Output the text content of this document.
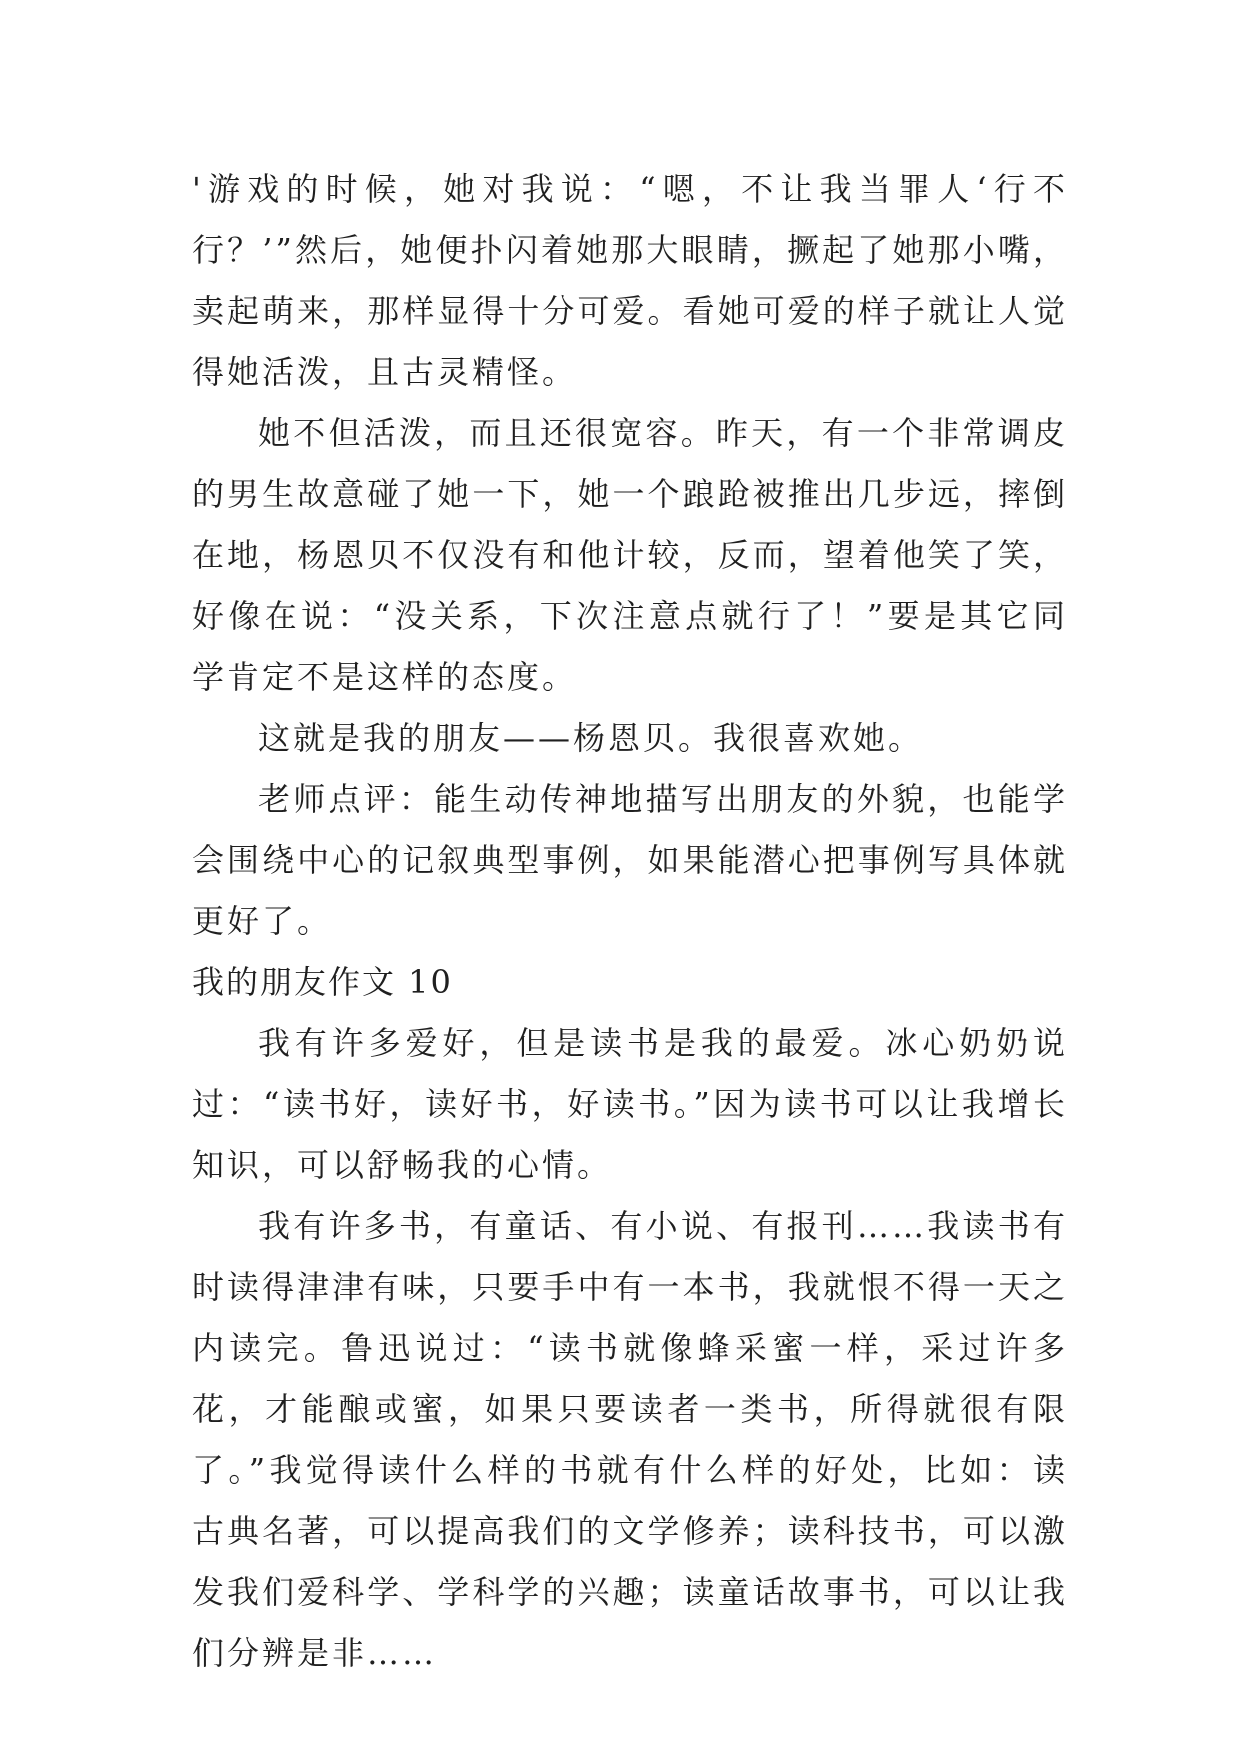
'游戏的时候，她对我说：“嗯，不让我当罪人‘行不行？’”然后，她便扑闪着她那大眼睛，撅起了她那小嘴，卖起萌来，那样显得十分可爱。看她可爱的样子就让人觉得她活泼，且古灵精怪。

她不但活泼，而且还很宽容。昨天，有一个非常调皮的男生故意碰了她一下，她一个踉跄被推出几步远，摔倒在地，杨恩贝不仅没有和他计较，反而，望着他笑了笑，好像在说：“没关系，下次注意点就行了！”要是其它同学肯定不是这样的态度。

这就是我的朋友——杨恩贝。我很喜欢她。

老师点评：能生动传神地描写出朋友的外貌，也能学会围绕中心的记叙典型事例，如果能潜心把事例写具体就更好了。

我的朋友作文 10

我有许多爱好，但是读书是我的最爱。冰心奶奶说过：“读书好，读好书，好读书。”因为读书可以让我增长知识，可以舒畅我的心情。

我有许多书，有童话、有小说、有报刊……我读书有时读得津津有味，只要手中有一本书，我就恨不得一天之内读完。鲁迅说过：“读书就像蜂采蜜一样，采过许多花，才能酿或蜜，如果只要读者一类书，所得就很有限了。”我觉得读什么样的书就有什么样的好处，比如：读古典名著，可以提高我们的文学修养；读科技书，可以激发我们爱科学、学科学的兴趣；读童话故事书，可以让我们分辨是非……
